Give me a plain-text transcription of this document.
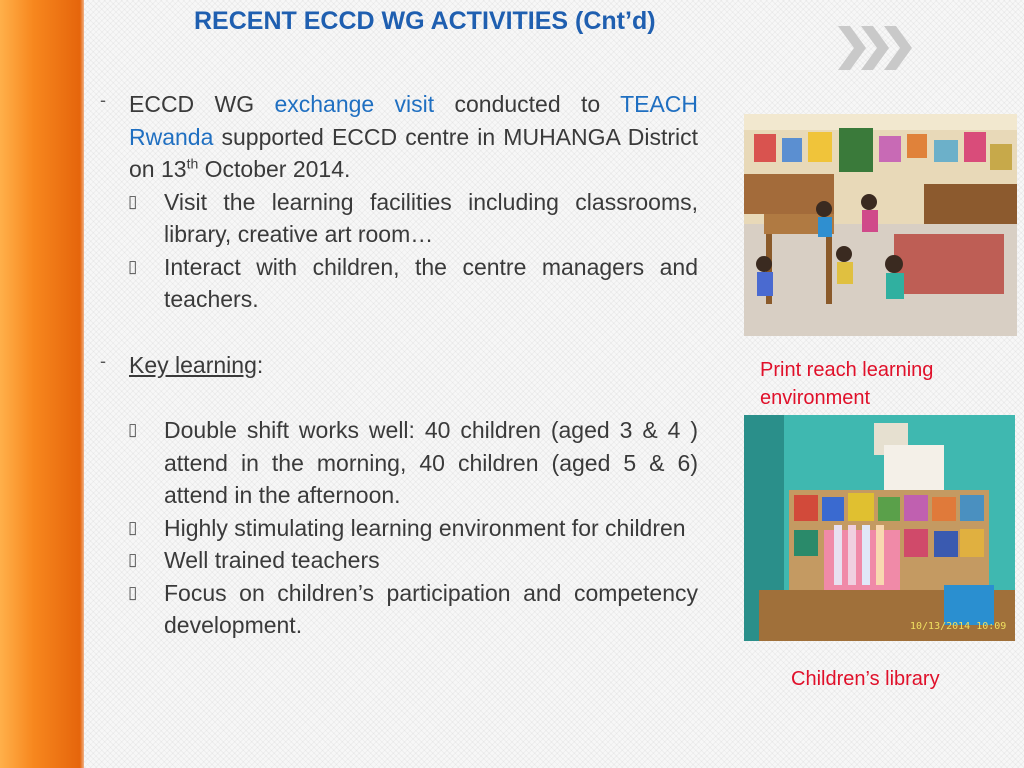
RECENT ECCD WG ACTIVITIES (Cnt’d)
- ECCD WG exchange visit conducted to TEACH Rwanda supported ECCD centre in MUHANGA District on 13th October 2014.
▯ Visit the learning facilities including classrooms, library, creative art room…
▯ Interact with children, the centre managers and teachers.
- Key learning:
▯ Double shift works well: 40 children (aged 3 & 4 ) attend in the morning, 40 children (aged 5 & 6) attend in the afternoon.
▯ Highly stimulating learning environment for children
▯ Well trained teachers
▯ Focus on children’s participation and competency development.
Print reach learning environment
10/13/2014 10:09
Children’s library
